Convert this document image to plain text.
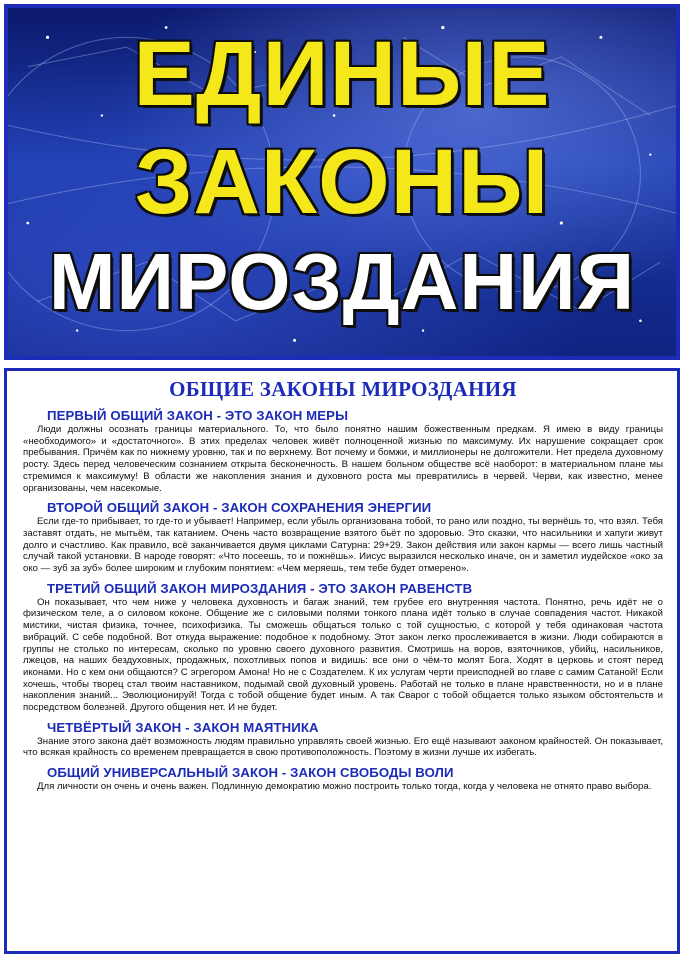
ЕДИНЫЕ
ЗАКОНЫ
МИРОЗДАНИЯ
ОБЩИЕ ЗАКОНЫ МИРОЗДАНИЯ
ПЕРВЫЙ ОБЩИЙ ЗАКОН - ЭТО ЗАКОН МЕРЫ
Люди должны осознать границы материального. То, что было понятно нашим божественным предкам. Я имею в виду границы «необходимого» и «достаточного». В этих пределах человек живёт полноценной жизнью по максимуму. Их нарушение сокращает срок пребывания. Причём как по нижнему уровню, так и по верхнему. Вот почему и бомжи, и миллионеры не долгожители. Нет предела духовному росту. Здесь перед человеческим сознанием открыта бесконечность. В нашем больном обществе всё наоборот: в материальном плане мы стремимся к максимуму! В области же накопления знания и духовного роста мы превратились в червей. Черви, как известно, менее организованы, чем насекомые.
ВТОРОЙ ОБЩИЙ ЗАКОН - ЗАКОН СОХРАНЕНИЯ ЭНЕРГИИ
Если где-то прибывает, то где-то и убывает! Например, если убыль организована тобой, то рано или поздно, ты вернёшь то, что взял. Тебя заставят отдать, не мытьём, так катанием. Очень часто возвращение взятого бьёт по здоровью. Это сказки, что насильники и хапуги живут долго и счастливо. Как правило, всё заканчивается двумя циклами Сатурна: 29+29. Закон действия или закон кармы — всего лишь частный случай такой установки. В народе говорят: «Что посеешь, то и пожнёшь». Иисус выразился несколько иначе, он и заметил иудейское «око за око — зуб за зуб» более широким и глубоким понятием: «Чем меряешь, тем тебе будет отмерено».
ТРЕТИЙ ОБЩИЙ ЗАКОН МИРОЗДАНИЯ - ЭТО ЗАКОН РАВЕНСТВ
Он показывает, что чем ниже у человека духовность и багаж знаний, тем грубее его внутренняя частота. Понятно, речь идёт не о физическом теле, а о силовом коконе. Общение же с силовыми полями тонкого плана идёт только в случае совпадения частот. Никакой мистики, чистая физика, точнее, психофизика. Ты сможешь общаться только с той сущностью, с которой у тебя одинаковая частота вибраций. С себе подобной. Вот откуда выражение: подобное к подобному. Этот закон легко прослеживается в жизни. Люди собираются в группы не столько по интересам, сколько по уровню своего духовного развития. Смотришь на воров, взяточников, убийц, насильников, лжецов, на наших бездуховных, продажных, похотливых попов и видишь: все они о чём-то молят Бога. Ходят в церковь и стоят перед иконами. Но с кем они общаются? С эгрегором Амона! Но не с Создателем. К их услугам черти преисподней во главе с самим Сатаной! Если хочешь, чтобы творец стал твоим наставником, подымай свой духовный уровень. Работай не только в плане нравственности, но и в плане накопления знаний... Эволюционируй! Тогда с тобой общение будет иным. А так Сварог с тобой общается только языком обстоятельств и посредством болезней. Другого общения нет. И не будет.
ЧЕТВЁРТЫЙ ЗАКОН - ЗАКОН МАЯТНИКА
Знание этого закона даёт возможность людям правильно управлять своей жизнью. Его ещё называют законом крайностей. Он показывает, что всякая крайность со временем превращается в свою противоположность. Поэтому в жизни лучше их избегать.
ОБЩИЙ УНИВЕРСАЛЬНЫЙ ЗАКОН - ЗАКОН СВОБОДЫ ВОЛИ
Для личности он очень и очень важен. Подлинную демократию можно построить только тогда, когда у человека не отнято право выбора.
